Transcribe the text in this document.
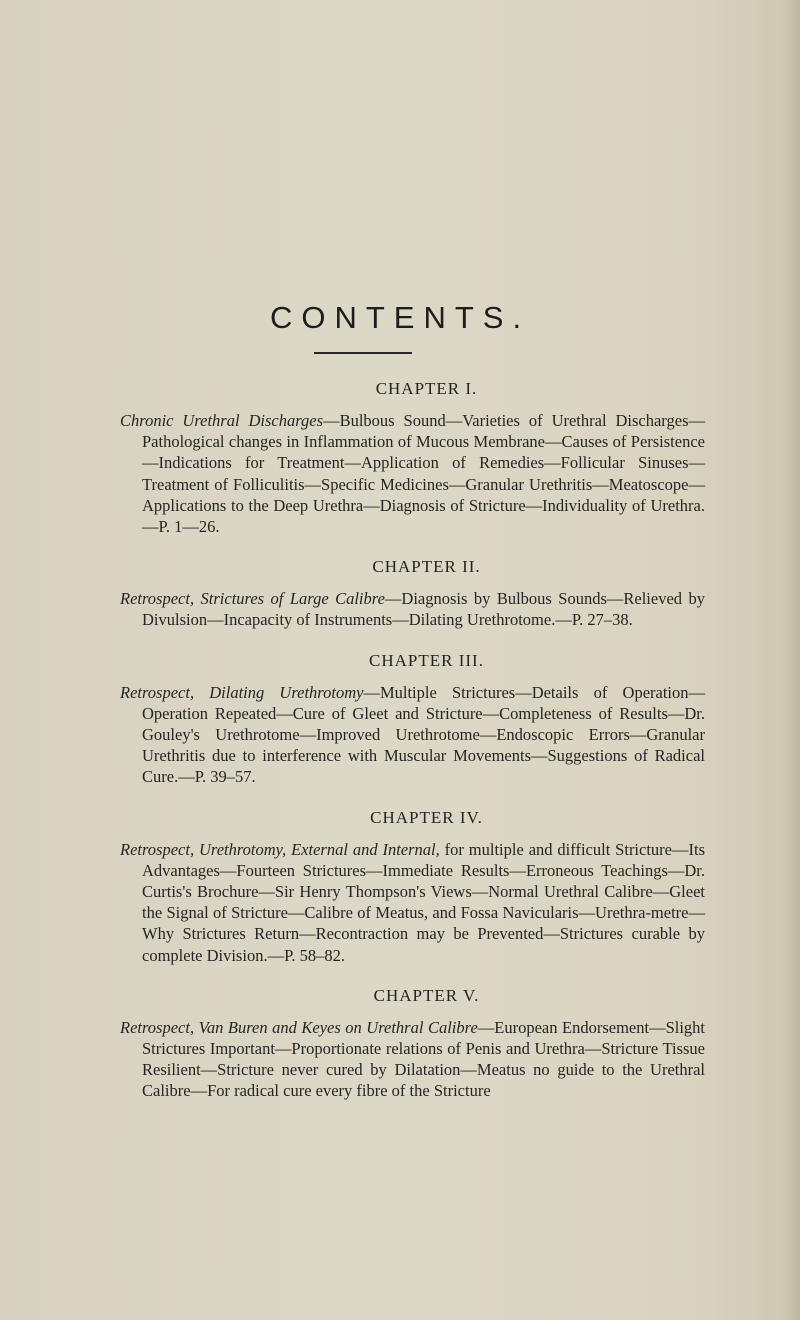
CONTENTS.
CHAPTER I.

Chronic Urethral Discharges—Bulbous Sound—Varieties of Urethral Discharges—Pathological changes in Inflammation of Mucous Membrane—Causes of Persistence—Indications for Treatment—Application of Remedies—Follicular Sinuses—Treatment of Folliculitis—Specific Medicines—Granular Urethritis—Meatoscope—Applications to the Deep Urethra—Diagnosis of Stricture—Individuality of Urethra.—P. 1—26.

CHAPTER II.

Retrospect, Strictures of Large Calibre—Diagnosis by Bulbous Sounds—Relieved by Divulsion—Incapacity of Instruments—Dilating Urethrotome.—P. 27–38.

CHAPTER III.

Retrospect, Dilating Urethrotomy—Multiple Strictures—Details of Operation—Operation Repeated—Cure of Gleet and Stricture—Completeness of Results—Dr. Gouley's Urethrotome—Improved Urethrotome—Endoscopic Errors—Granular Urethritis due to interference with Muscular Movements—Suggestions of Radical Cure.—P. 39–57.

CHAPTER IV.

Retrospect, Urethrotomy, External and Internal, for multiple and difficult Stricture—Its Advantages—Fourteen Strictures—Immediate Results—Erroneous Teachings—Dr. Curtis's Brochure—Sir Henry Thompson's Views—Normal Urethral Calibre—Gleet the Signal of Stricture—Calibre of Meatus, and Fossa Navicularis—Urethra-metre—Why Strictures Return—Recontraction may be Prevented—Strictures curable by complete Division.—P. 58–82.

CHAPTER V.

Retrospect, Van Buren and Keyes on Urethral Calibre—European Endorsement—Slight Strictures Important—Proportionate relations of Penis and Urethra—Stricture Tissue Resilient—Stricture never cured by Dilatation—Meatus no guide to the Urethral Calibre—For radical cure every fibre of the Stricture
